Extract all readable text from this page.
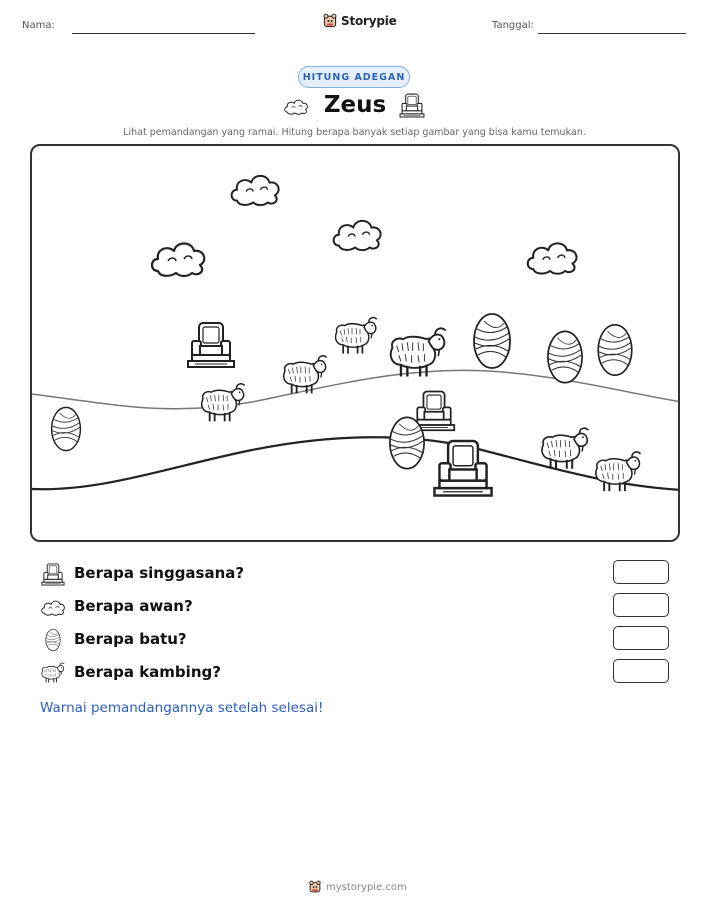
Nama:	Storypie	Tanggal:
HITUNG ADEGAN
Zeus
Lihat pemandangan yang ramai. Hitung berapa banyak setiap gambar yang bisa kamu temukan.
Berapa singgasana?
Berapa awan?
Berapa batu?
Berapa kambing?
Warnai pemandangannya setelah selesai!
mystorypie.com
